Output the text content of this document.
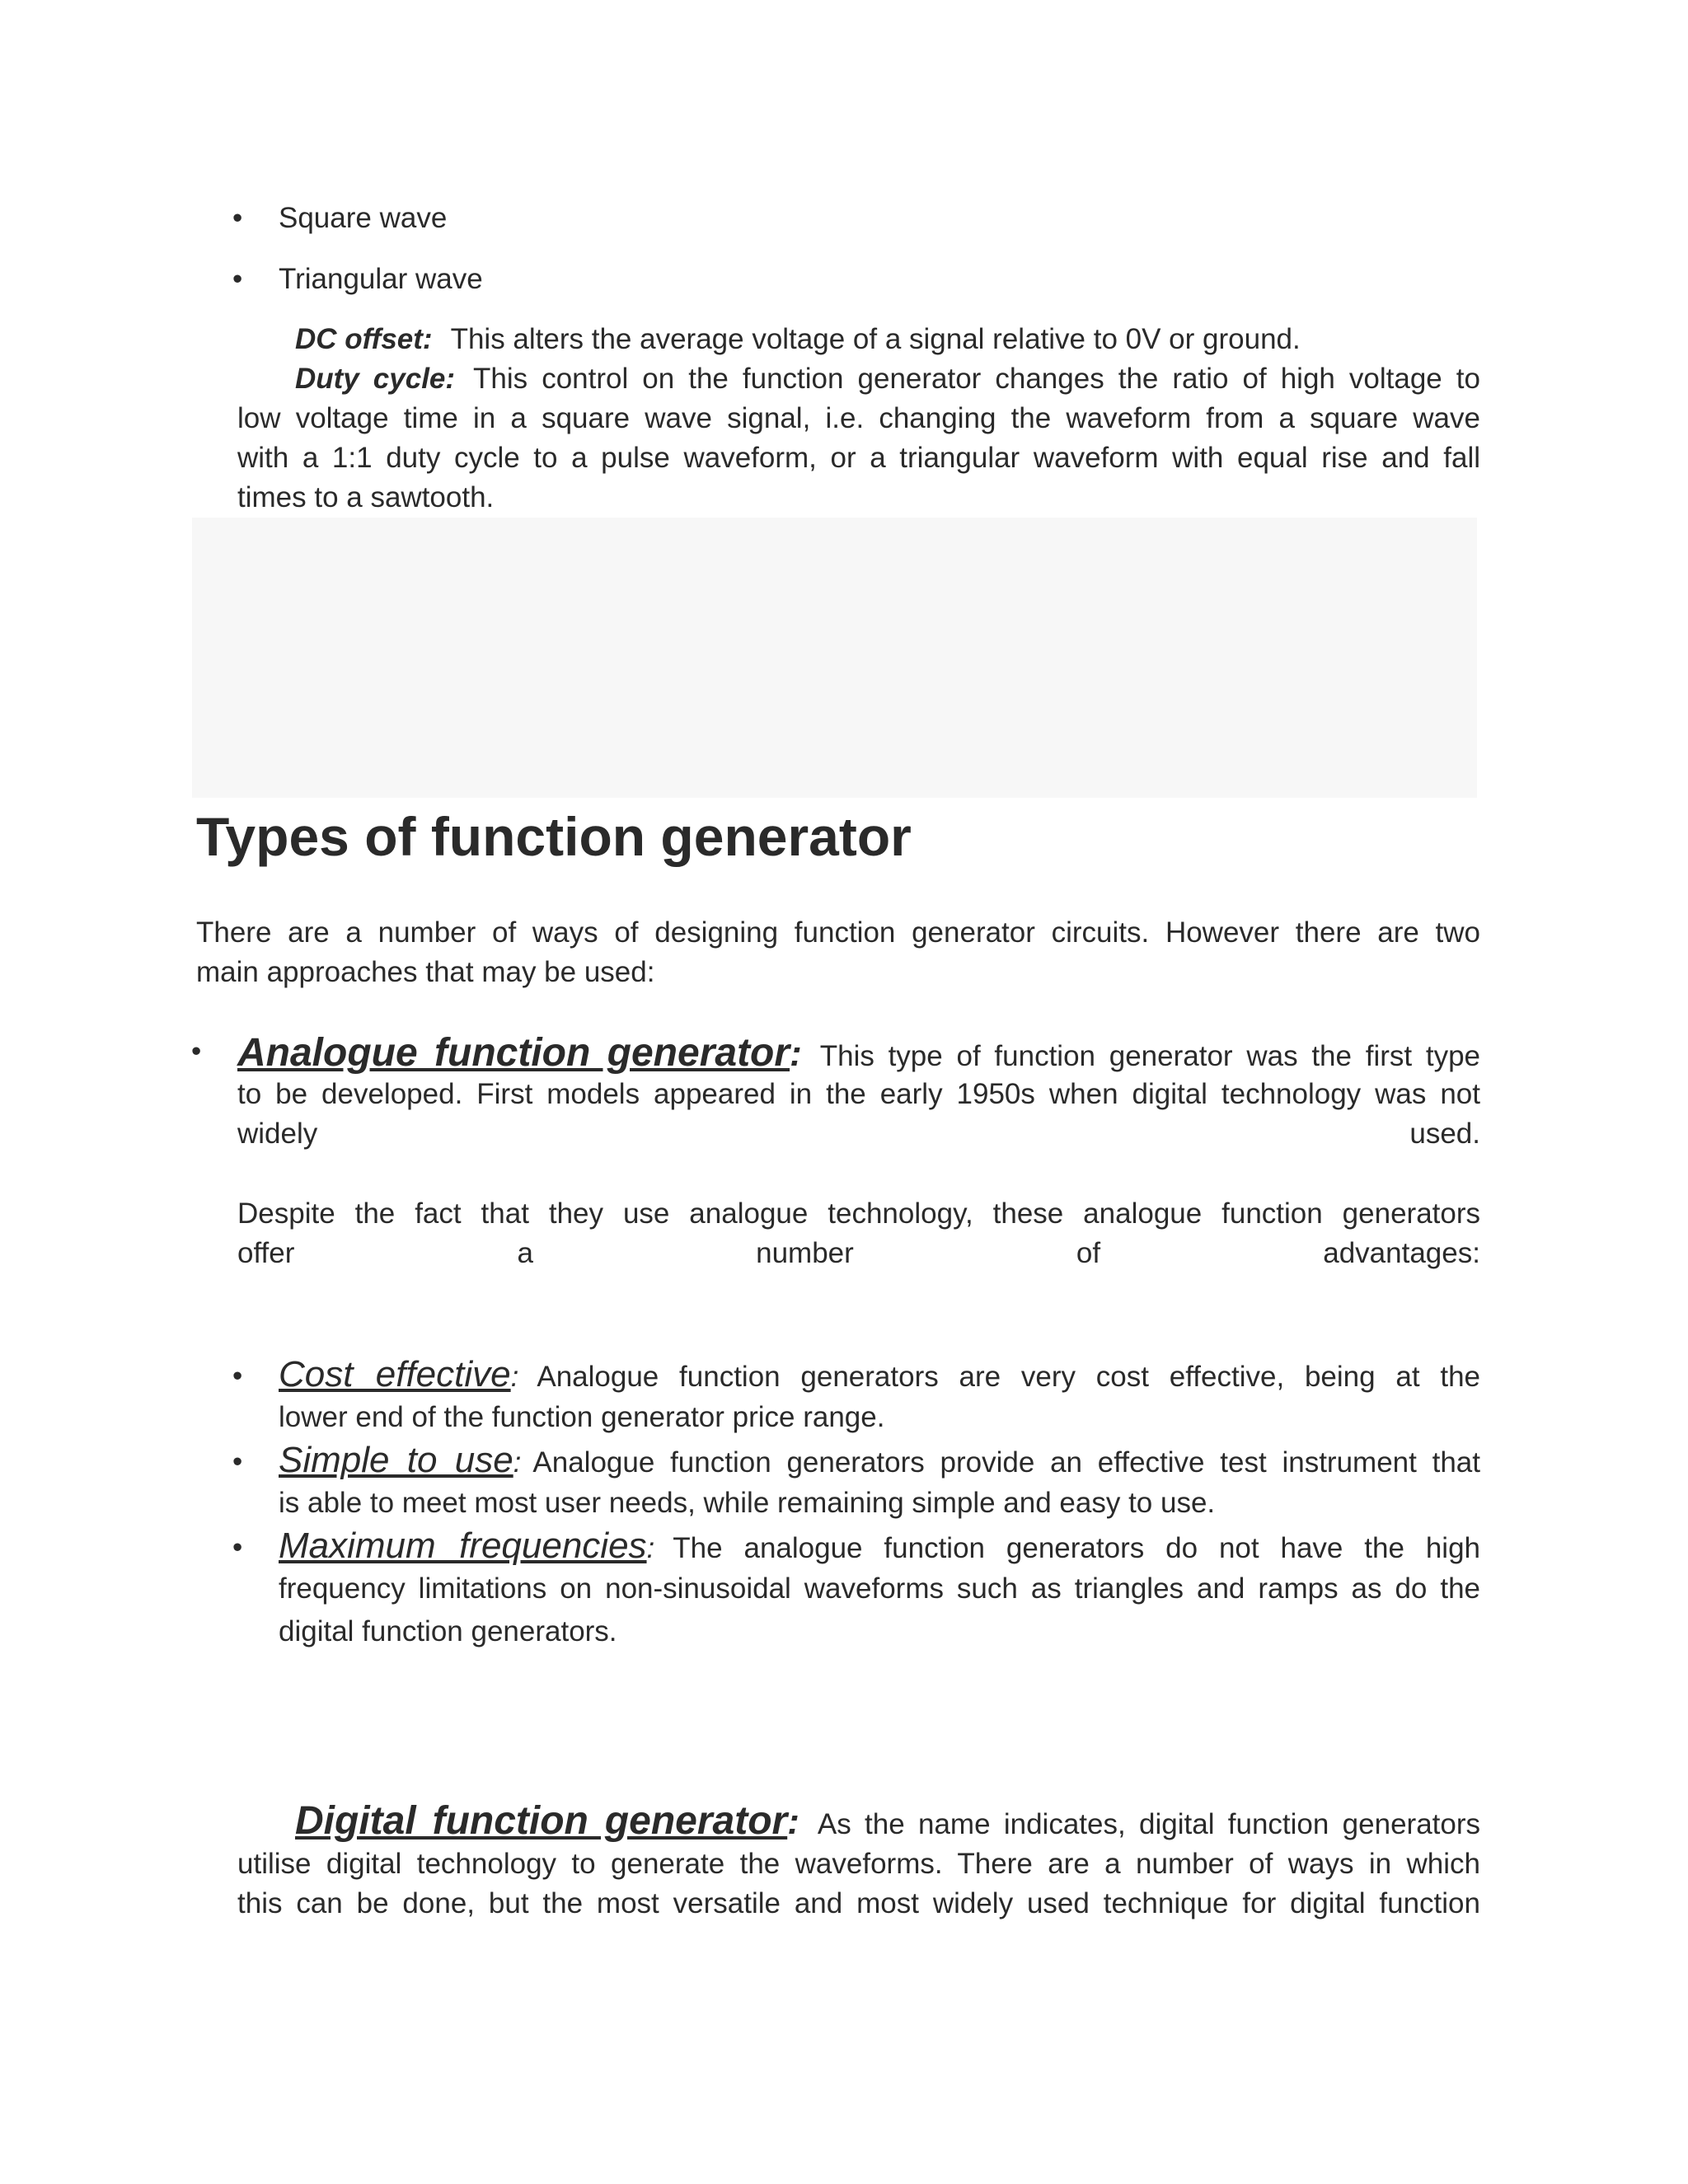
• Square wave
• Triangular wave
DC offset: This alters the average voltage of a signal relative to 0V or ground.
Duty cycle: This control on the function generator changes the ratio of high voltage to
low voltage time in a square wave signal, i.e. changing the waveform from a square wave
with a 1:1 duty cycle to a pulse waveform, or a triangular waveform with equal rise and fall
times to a sawtooth.
Types of function generator
There are a number of ways of designing function generator circuits. However there are two
main approaches that may be used:
• Analogue function generator: This type of function generator was the first type
to be developed. First models appeared in the early 1950s when digital technology was not
widely	used.
Despite the fact that they use analogue technology, these analogue function generators
offer	a	number	of	advantages:
• Cost effective: Analogue function generators are very cost effective, being at the
lower end of the function generator price range.
• Simple to use: Analogue function generators provide an effective test instrument that
is able to meet most user needs, while remaining simple and easy to use.
• Maximum frequencies: The analogue function generators do not have the high
frequency limitations on non-sinusoidal waveforms such as triangles and ramps as do the
digital function generators.
Digital function generator: As the name indicates, digital function generators
utilise digital technology to generate the waveforms. There are a number of ways in which
this can be done, but the most versatile and most widely used technique for digital function
